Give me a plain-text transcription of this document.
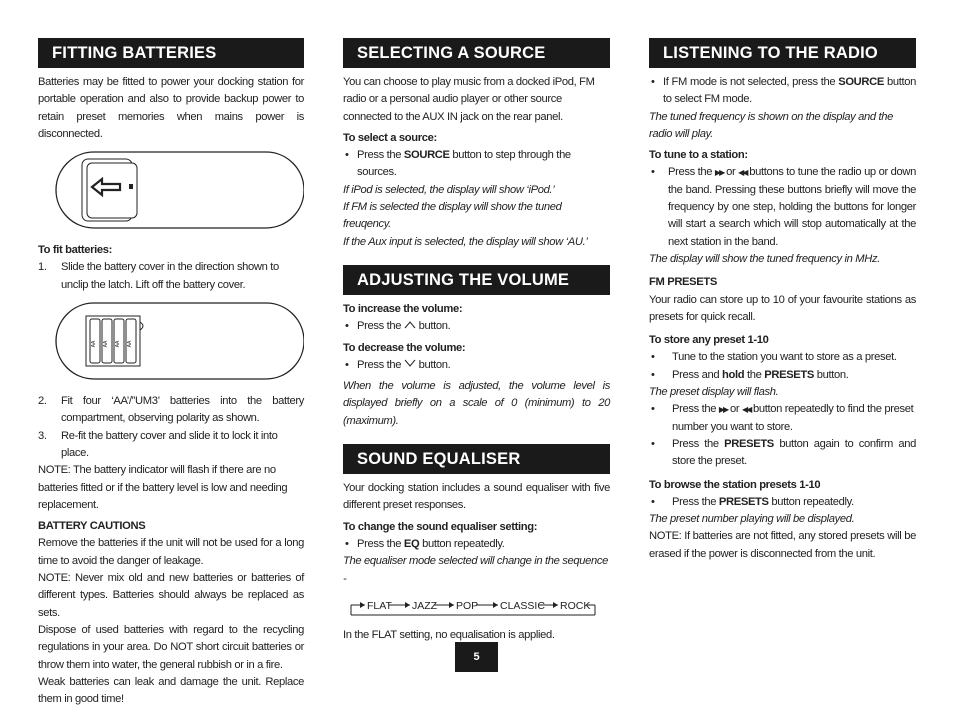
FITTING BATTERIES

Batteries may be fitted to power your docking station for portable operation and also to provide backup power to retain preset memories when mains power is disconnected.

To fit batteries:

1. Slide the battery cover in the direction shown to unclip the latch. Lift off the battery cover.
AA AA AA AA
2. Fit four ‘AA’/”UM3’ batteries into the battery compartment, observing polarity as shown.
3. Re-fit the battery cover and slide it to lock it into place.

NOTE: The battery indicator will flash if there are no batteries fitted or if the battery level is low and needing replacement.

BATTERY CAUTIONS

Remove the batteries if the unit will not be used for a long time to avoid the danger of leakage.

NOTE: Never mix old and new batteries or batteries of different types. Batteries should always be replaced as sets.

Dispose of used batteries with regard to the recycling regulations in your area. Do NOT short circuit batteries or throw them into water, the general rubbish or in a fire.

Weak batteries can leak and damage the unit. Replace them in good time!

SELECTING A SOURCE

You can choose to play music from a docked iPod, FM radio or a personal audio player or other source connected to the AUX IN jack on the rear panel.

To select a source:

• Press the SOURCE button to step through the sources.

If iPod is selected, the display will show ‘iPod.’

If FM is selected the display will show the tuned freuqency.

If the Aux input is selected, the display will show ‘AU.’

ADJUSTING THE VOLUME

To increase the volume:

• Press the  button.

To decrease the volume:

• Press the  button.

When the volume is adjusted, the volume level is displayed briefly on a scale of 0 (minimum) to 20 (maximum).

SOUND EQUALISER

Your docking station includes a sound equaliser with five different preset responses.

To change the sound equaliser setting:

• Press the EQ button repeatedly.

The equaliser mode selected will change in the sequence -

FLAT JAZZ POP CLASSIC ROCK

In the FLAT setting, no equalisation is applied.

LISTENING TO THE RADIO
• If FM mode is not selected, press the SOURCE button to select FM mode.

The tuned frequency is shown on the display and the radio will play.

To tune to a station:

• Press the ▶▶ or ◀◀ buttons to tune the radio up or down the band. Pressing these buttons briefly will move the frequency by one step, holding the buttons for longer will start a search which will stop automatically at the next station in the band.

The display will show the tuned frequency in MHz.

FM PRESETS

Your radio can store up to 10 of your favourite stations as presets for quick recall.

To store any preset 1-10

• Tune to the station you want to store as a preset.
• Press and hold the PRESETS button.

The preset display will flash.

• Press the ▶▶ or ◀◀ button repeatedly to find the preset number you want to store.
• Press the PRESETS button again to confirm and store the preset.

To browse the station presets 1-10

• Press the PRESETS button repeatedly.

The preset number playing will be displayed.

NOTE: If batteries are not fitted, any stored presets will be erased if the power is disconnected from the unit.

5
